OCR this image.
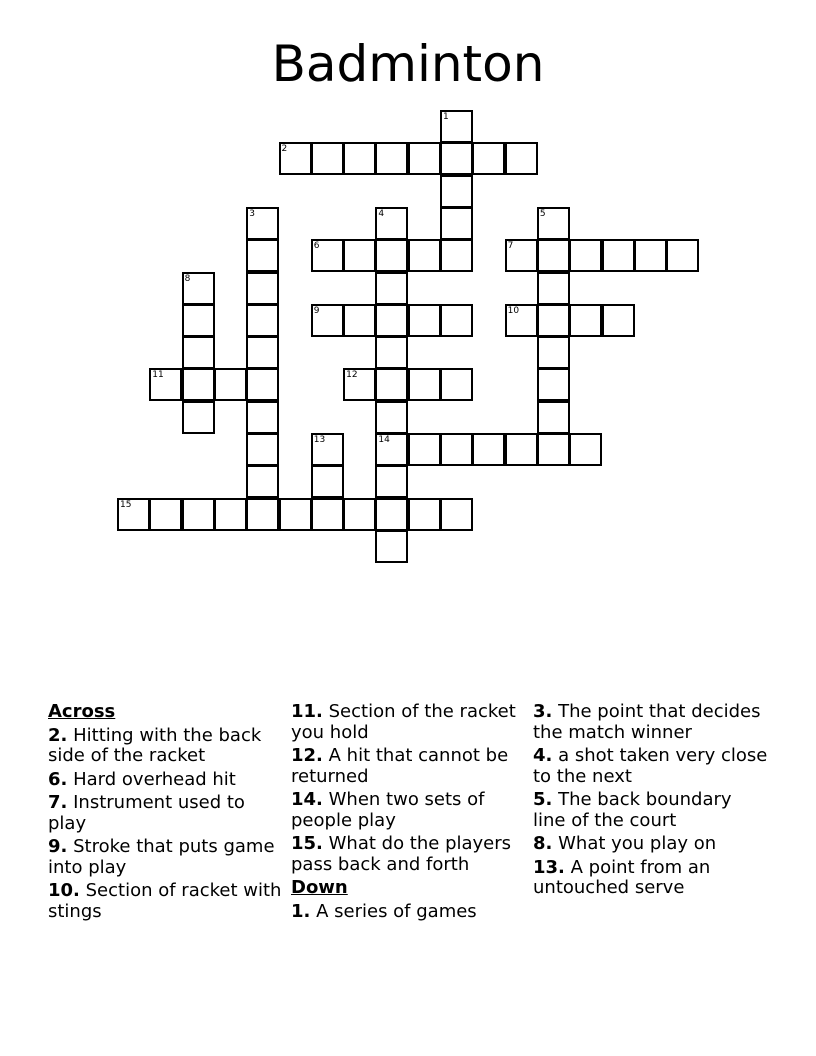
Badminton
1
2
3	4
14
5
6	7
8
9	10
11	12
13
15
Across
2. Hitting with the back side of the racket
6. Hard overhead hit
7. Instrument used to play
9. Stroke that puts game into play
10. Section of racket with stings
11. Section of the racket you hold
12. A hit that cannot be returned
14. When two sets of people play
15. What do the players pass back and forth
Down
1. A series of games
3. The point that decides the match winner
4. a shot taken very close to the next
5. The back boundary line of the court
8. What you play on
13. A point from an untouched serve
